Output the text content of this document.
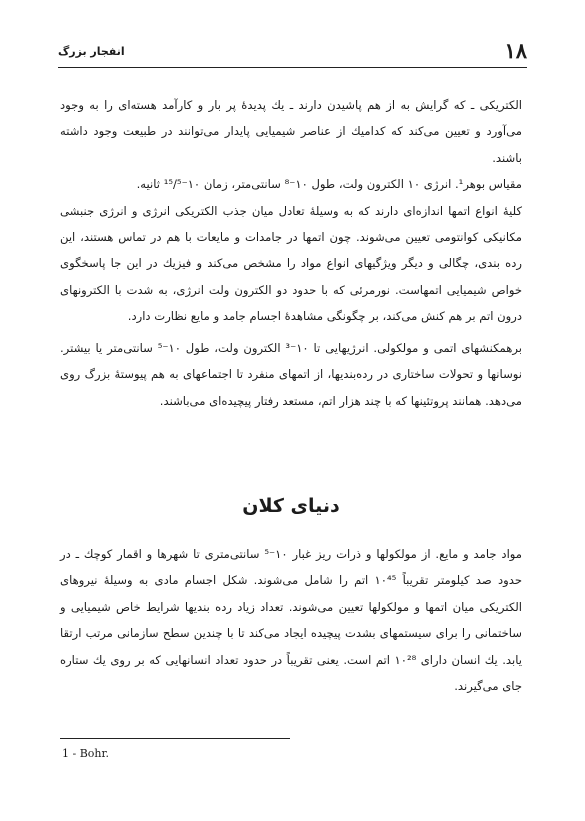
١٨
انفجار بزرگ

الکتریکی ـ که گرایش به از هم پاشیدن دارند ـ یك پدیدهٔ پر بار و کارآمد هسته‌ای را به وجود می‌آورد و تعیین می‌کند که کدامیك از عناصر شیمیایی پایدار می‌توانند در طبیعت وجود داشته باشند.

مقیاس بوهر¹. انرژی ١٠ الکترون ولت، طول ١٠⁻⁸ سانتی‌متر، زمان ١٠⁻¹⁵/⁵ ثانیه.

کلیهٔ انواع اتمها اندازه‌ای دارند که به وسیلهٔ تعادل میان جذب الکتریکی انرژی و انرژی جنبشی مکانیکی کوانتومی تعیین می‌شوند. چون اتمها در جامدات و مایعات با هم در تماس هستند، این رده بندی، چگالی و دیگر ویژگیهای انواع مواد را مشخص می‌کند و فیزیك در این جا پاسخگوی خواص شیمیایی اتمهاست. نورمرئی که با حدود دو الکترون ولت انرژی، به شدت با الکترونهای درون اتم بر هم کنش می‌کند، بر چگونگی مشاهدهٔ اجسام جامد و مایع نظارت دارد.

برهمکنشهای اتمی و مولکولی. انرژیهایی تا ١٠⁻³ الکترون ولت، طول ١٠⁻⁵ سانتی‌متر یا بیشتر. نوسانها و تحولات ساختاری در رده‌بندیها، از اتمهای منفرد تا اجتماعهای به هم پیوستهٔ بزرگ روی می‌دهد. همانند پروتئینها که با چند هزار اتم، مستعد رفتار پیچیده‌ای می‌باشند.

دنیای کلان

مواد جامد و مایع. از مولکولها و ذرات ریز غبار ١٠⁻⁵ سانتی‌متری تا شهرها و اقمار کوچك ـ در حدود صد کیلومتر تقریباً ١٠⁴⁵ اتم را شامل می‌شوند. شکل اجسام مادی به وسیلهٔ نیروهای الکتریکی میان اتمها و مولکولها تعیین می‌شوند. تعداد زیاد رده بندیها شرایط خاص شیمیایی و ساختمانی را برای سیستمهای بشدت پیچیده ایجاد می‌کند تا با چندین سطح سازمانی مرتب ارتقا یابد. یك انسان دارای ١٠²⁸ اتم است. یعنی تقریباً در حدود تعداد انسانهایی که بر روی یك ستاره جای می‌گیرند.

1 - Bohr.
